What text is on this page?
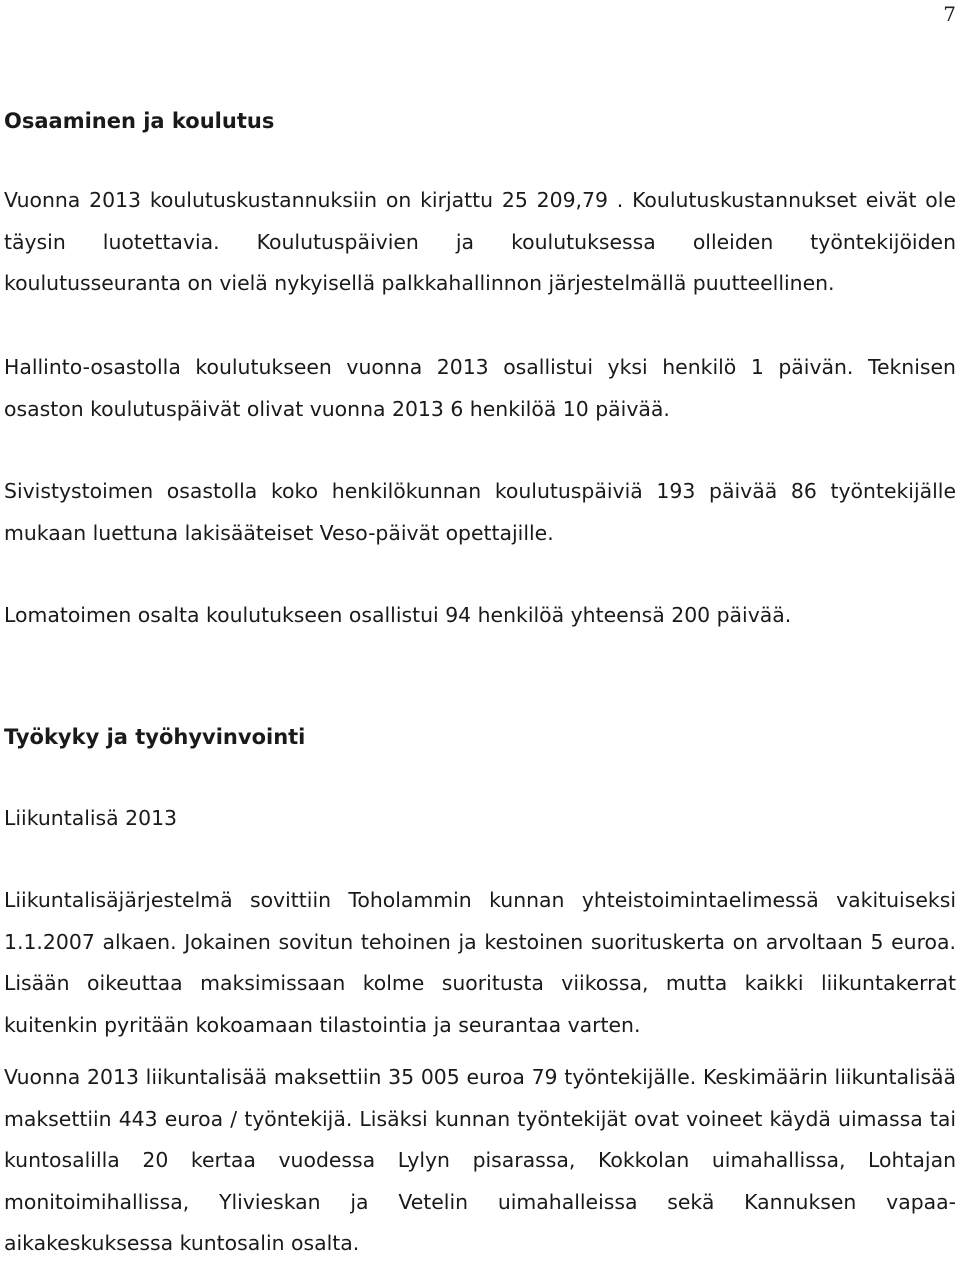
7
Osaaminen ja koulutus

Vuonna 2013 koulutuskustannuksiin on kirjattu 25 209,79 . Koulutuskustannukset eivät ole täysin luotettavia. Koulutuspäivien ja koulutuksessa olleiden työntekijöiden koulutusseuranta on vielä nykyisellä palkkahallinnon järjestelmällä puutteellinen.

Hallinto-osastolla koulutukseen vuonna 2013 osallistui yksi henkilö 1 päivän. Teknisen osaston koulutuspäivät olivat vuonna 2013 6 henkilöä 10 päivää.

Sivistystoimen osastolla koko henkilökunnan koulutuspäiviä 193 päivää 86 työntekijälle mukaan luettuna lakisääteiset Veso-päivät opettajille.

Lomatoimen osalta koulutukseen osallistui 94 henkilöä yhteensä 200 päivää.

Työkyky ja työhyvinvointi

Liikuntalisä 2013

Liikuntalisäjärjestelmä sovittiin Toholammin kunnan yhteistoimintaelimessä vakituiseksi 1.1.2007 alkaen. Jokainen sovitun tehoinen ja kestoinen suorituskerta on arvoltaan 5 euroa. Lisään oikeuttaa maksimissaan kolme suoritusta viikossa, mutta kaikki liikuntakerrat kuitenkin pyritään kokoamaan tilastointia ja seurantaa varten.

Vuonna 2013 liikuntalisää maksettiin 35 005 euroa 79 työntekijälle. Keskimäärin liikuntalisää maksettiin 443 euroa / työntekijä. Lisäksi kunnan työntekijät ovat voineet käydä uimassa tai kuntosalilla 20 kertaa vuodessa Lylyn pisarassa, Kokkolan uimahallissa, Lohtajan monitoimihallissa, Ylivieskan ja Vetelin uimahalleissa sekä Kannuksen vapaa-aikakeskuksessa kuntosalin osalta.
